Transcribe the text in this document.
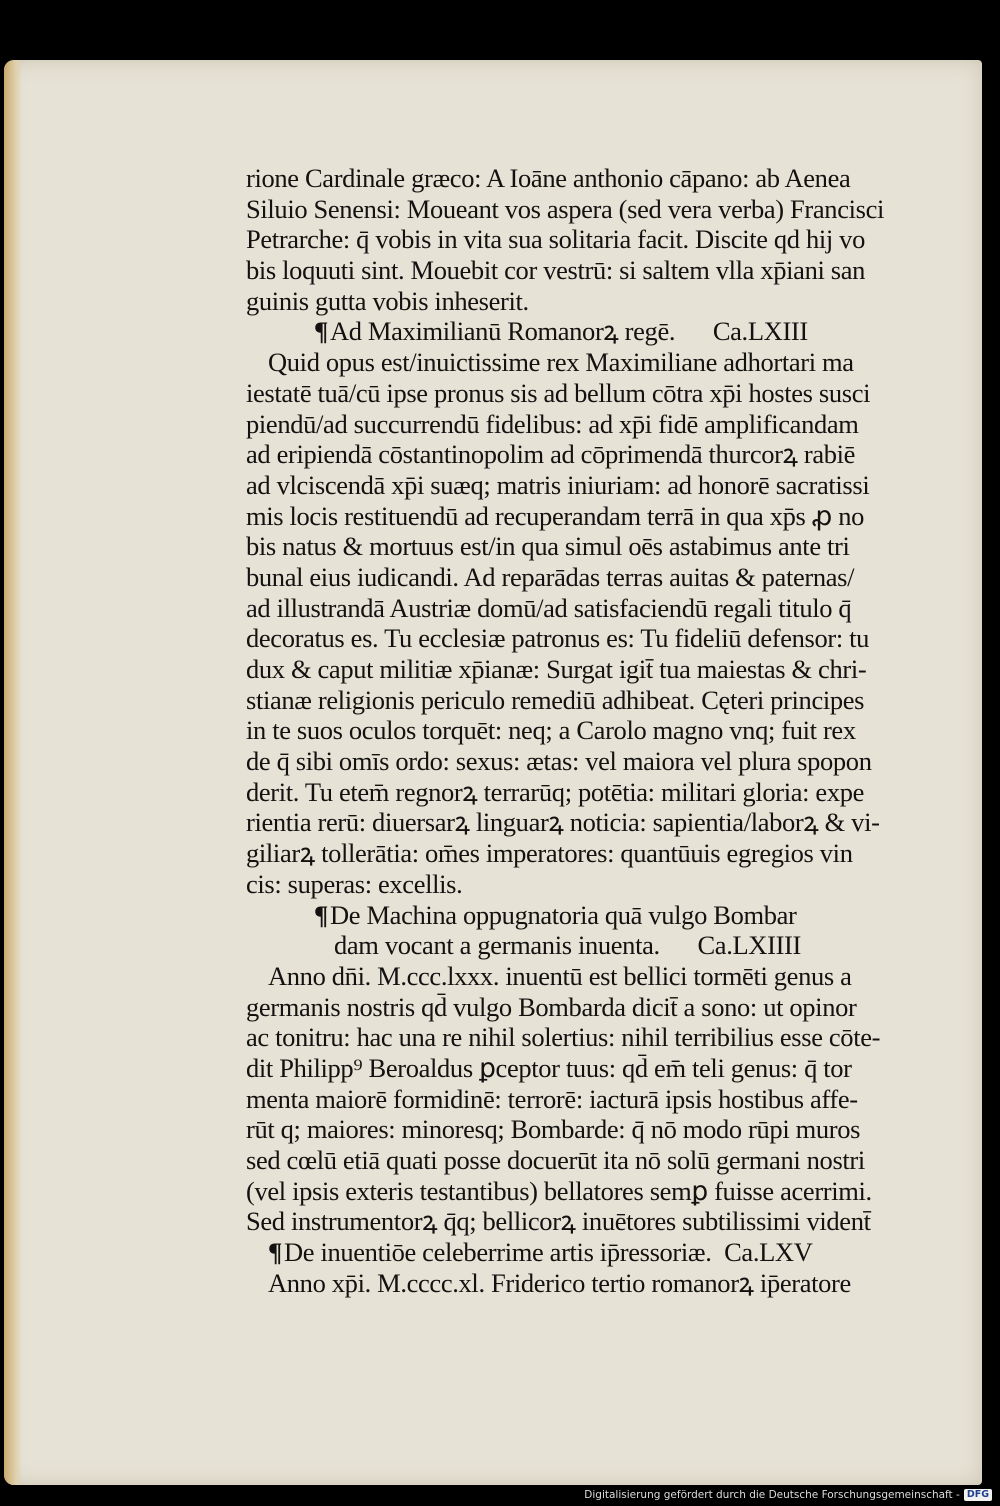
rione Cardinale græco: A Ioāne anthonio cāpano: ab Aenea
Siluio Senensi: Moueant vos aspera (sed vera verba) Francisci
Petrarche: q̄ vobis in vita sua solitaria facit. Discite qd hij vo
bis loquuti sint. Mouebit cor vestrū: si saltem vlla xp̄iani san
guinis gutta vobis inheserit.
¶Ad Maximilianū Romanorꝝ regē. Ca.LXIII
Quid opus est/inuictissime rex Maximiliane adhortari ma
iestatē tuā/cū ipse pronus sis ad bellum cōtra xp̄i hostes susci
piendū/ad succurrendū fidelibus: ad xp̄i fidē amplificandam
ad eripiendā cōstantinopolim ad cōprimendā thurcorꝝ rabiē
ad vlciscendā xp̄i suæq; matris iniuriam: ad honorē sacratissi
mis locis restituendū ad recuperandam terrā in qua xp̄s ꝓ no
bis natus & mortuus est/in qua simul oēs astabimus ante tri
bunal eius iudicandi. Ad reparādas terras auitas & paternas/
ad illustrandā Austriæ domū/ad satisfaciendū regali titulo q̄
decoratus es. Tu ecclesiæ patronus es: Tu fideliū defensor: tu
dux & caput militiæ xp̄ianæ: Surgat igit̄ tua maiestas & chri-
stianæ religionis periculo remediū adhibeat. Cęteri principes
in te suos oculos torquēt: neq; a Carolo magno vnq; fuit rex
de q̄ sibi omīs ordo: sexus: ætas: vel maiora vel plura spopon
derit. Tu etem̄ regnorꝝ terrarūq; potētia: militari gloria: expe
rientia rerū: diuersarꝝ linguarꝝ noticia: sapientia/laborꝝ & vi-
giliarꝝ tollerātia: om̄es imperatores: quantūuis egregios vin
cis: superas: excellis.
¶De Machina oppugnatoria quā vulgo Bombar
dam vocant a germanis inuenta. Ca.LXIIII
Anno dn̄i. M.ccc.lxxx. inuentū est bellici tormēti genus a
germanis nostris qd̄ vulgo Bombarda dicit̄ a sono: ut opinor
ac tonitru: hac una re nihil solertius: nihil terribilius esse cōte-
dit Philipp⁹ Beroaldus ꝑceptor tuus: qd̄ em̄ teli genus: q̄ tor
menta maiorē formidinē: terrorē: iacturā ipsis hostibus affe-
rūt q; maiores: minoresq; Bombarde: q̄ nō modo rūpi muros
sed cœlū etiā quati posse docuerūt ita nō solū germani nostri
(vel ipsis exteris testantibus) bellatores semꝑ fuisse acerrimi.
Sed instrumentorꝝ q̄q; bellicorꝝ inuētores subtilissimi vident̄
¶De inuentiōe celeberrime artis ip̄ressoriæ. Ca.LXV
Anno xp̄i. M.cccc.xl. Friderico tertio romanorꝝ ip̄eratore
Digitalisierung gefördert durch die Deutsche Forschungsgemeinschaft - DFG
